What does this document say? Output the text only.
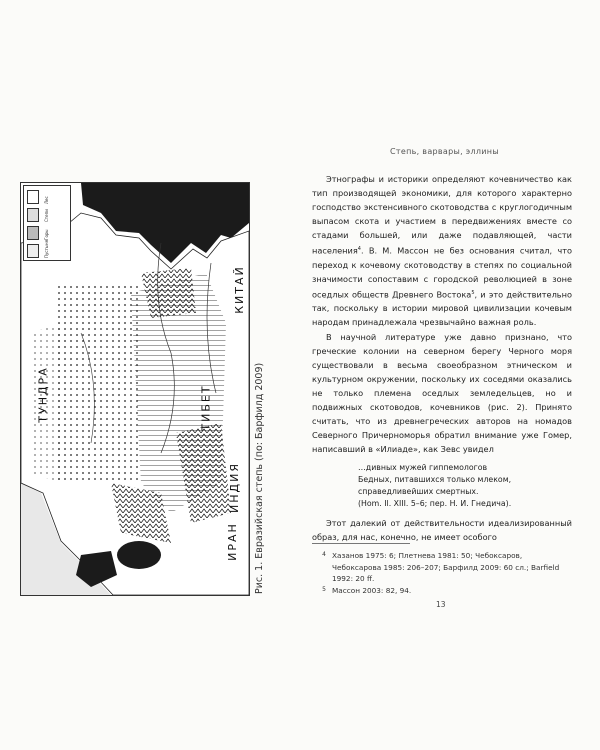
Лес
Степи
Горы
Пустыня
ТУНДРА	ТИБЕТ
КИТАЙ
ИНДИЯ
ИРАН Рис. 1. Евразийская степь (по: Барфилд 2009)
Степь, варвары, эллины

Этнографы и историки определяют кочевничество как тип производящей экономики, для которого характерно господство экстенсивного скотоводства с круглогодичным выпасом скота и участием в передвижениях вместе со стадами большей, или даже подавляющей, части населения$^4$. В. М. Массон не без основания считал, что переход к кочевому скотоводству в степях по социальной значимости сопоставим с городской революцией в зоне оседлых обществ Древнего Востока$^5$, и это действительно так, поскольку в истории мировой цивилизации кочевым народам принадлежала чрезвычайно важная роль.

В научной литературе уже давно признано, что греческие колонии на северном берегу Черного моря существовали в весьма своеобразном этническом и культурном окружении, поскольку их соседями оказались не только племена оседлых земледельцев, но и подвижных скотоводов, кочевников (рис. 2). Принято считать, что из древнегреческих авторов на номадов Северного Причерноморья обратил внимание уже Гомер, написавший в «Илиаде», как Зевс увидел

…дивных мужей гиппемологов
Бедных, питавшихся только млеком,
справедливейших смертных.
(Hom. Il. XIII. 5–6; пер. Н. И. Гнедича).

Этот далекий от действительности идеализированный образ, для нас, конечно, не имеет особого

4 Хазанов 1975: 6; Плетнева 1981: 50; Чебоксаров, Чебоксарова 1985: 206–207; Барфилд 2009: 60 сл.; Barfield 1992: 20 ff.
5 Массон 2003: 82, 94.
13
